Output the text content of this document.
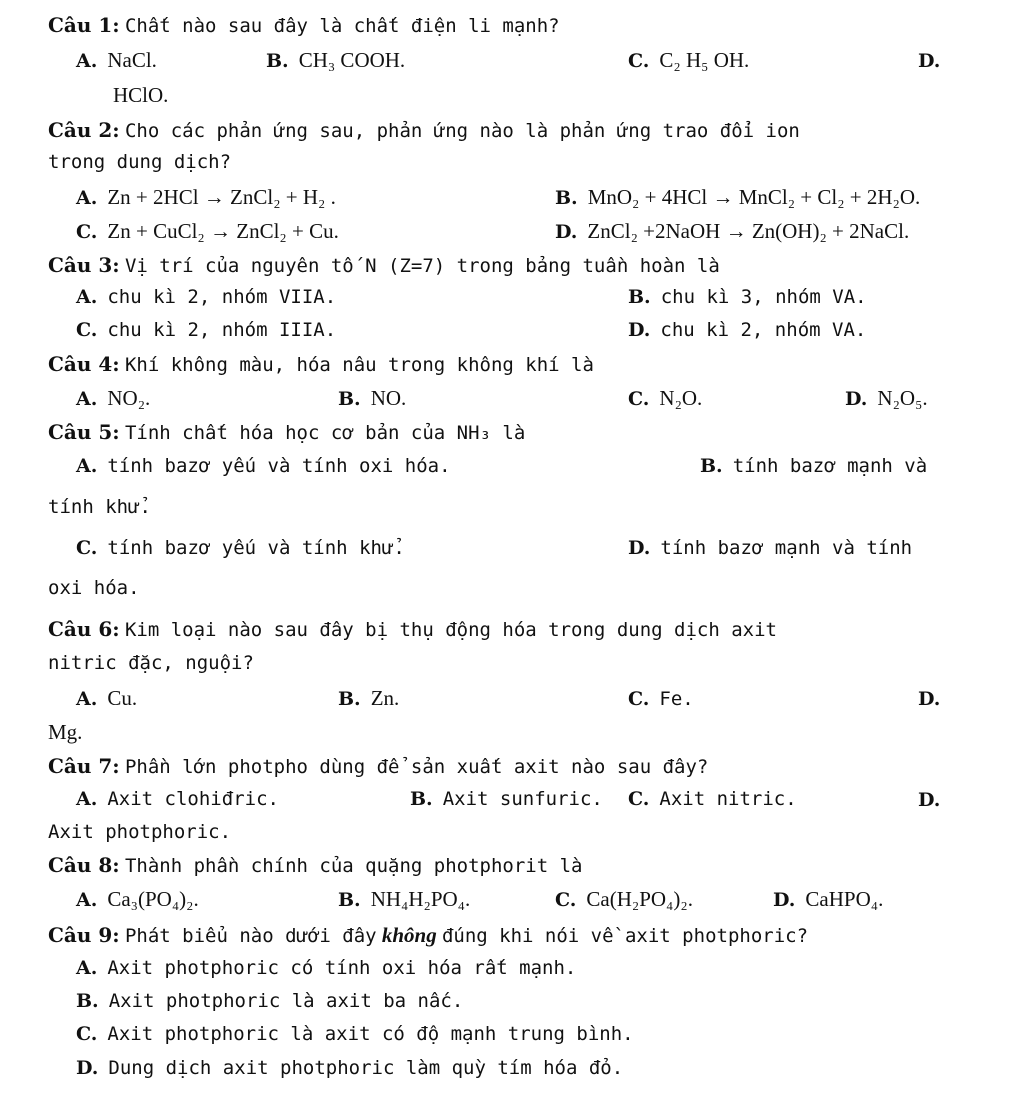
Câu 1: Chất nào sau đây là chất điện li mạnh?
A. NaCl.	B. CH₃ COOH.	C. C₂ H₅ OH.	D.
HClO.
Câu 2: Cho các phản ứng sau, phản ứng nào là phản ứng trao đổi ion
trong dung dịch?
A. Zn + 2HCl → ZnCl₂ + H₂ .	B. MnO₂ + 4HCl → MnCl₂ + Cl₂ + 2H₂O.
C. Zn + CuCl₂ → ZnCl₂ + Cu.	D. ZnCl₂ +2NaOH → Zn(OH)₂ + 2NaCl.
Câu 3: Vị trí của nguyên tố N (Z=7) trong bảng tuần hoàn là
A. chu kì 2, nhóm VIIA.	B. chu kì 3, nhóm VA.
C. chu kì 2, nhóm IIIA.	D. chu kì 2, nhóm VA.
Câu 4: Khí không màu, hóa nâu trong không khí là
A. NO₂.	B. NO.	C. N₂O.	D. N₂O₅.
Câu 5: Tính chất hóa học cơ bản của NH₃ là
A. tính bazơ yếu và tính oxi hóa.	B. tính bazơ mạnh và
tính khử.
C. tính bazơ yếu và tính khử.	D. tính bazơ mạnh và tính
oxi hóa.
Câu 6: Kim loại nào sau đây bị thụ động hóa trong dung dịch axit
nitric đặc, nguội?
A. Cu.	B. Zn.	C. Fe.	D.
Mg.
Câu 7: Phần lớn photpho dùng để sản xuất axit nào sau đây?
A. Axit clohiđric.	B. Axit sunfuric. C. Axit nitric.	D.
Axit photphoric.
Câu 8: Thành phần chính của quặng photphorit là
A. Ca₃(PO₄)₂.	B. NH₄H₂PO₄.	C. Ca(H₂PO₄)₂.	D. CaHPO₄.
Câu 9: Phát biểu nào dưới đây không đúng khi nói về axit photphoric?
A. Axit photphoric có tính oxi hóa rất mạnh.
B. Axit photphoric là axit ba nấc.
C. Axit photphoric là axit có độ mạnh trung bình.
D. Dung dịch axit photphoric làm quỳ tím hóa đỏ.
